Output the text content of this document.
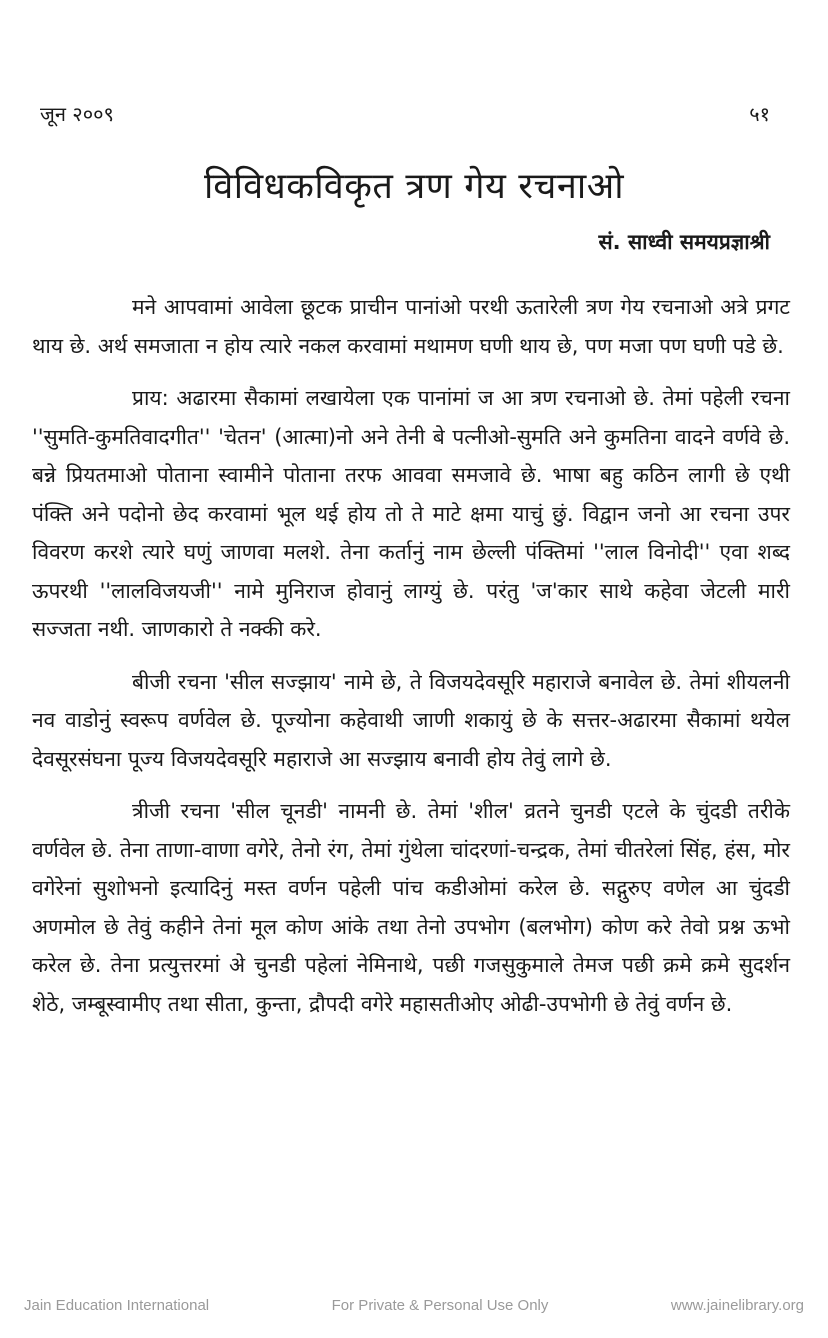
जून २००९	५१
विविधकविकृत त्रण गेय रचनाओ
सं. साध्वी समयप्रज्ञाश्री

मने आपवामां आवेला छूटक प्राचीन पानांओ परथी ऊतारेली त्रण गेय रचनाओ अत्रे प्रगट थाय छे. अर्थ समजाता न होय त्यारे नकल करवामां मथामण घणी थाय छे, पण मजा पण घणी पडे छे.

प्राय: अढारमा सैकामां लखायेला एक पानांमां ज आ त्रण रचनाओ छे. तेमां पहेली रचना ''सुमति-कुमतिवादगीत'' 'चेतन' (आत्मा)नो अने तेनी बे पत्नीओ-सुमति अने कुमतिना वादने वर्णवे छे. बन्ने प्रियतमाओ पोताना स्वामीने पोताना तरफ आववा समजावे छे. भाषा बहु कठिन लागी छे एथी पंक्ति अने पदोनो छेद करवामां भूल थई होय तो ते माटे क्षमा याचुं छुं. विद्वान जनो आ रचना उपर विवरण करशे त्यारे घणुं जाणवा मलशे. तेना कर्तानुं नाम छेल्ली पंक्तिमां ''लाल विनोदी'' एवा शब्द ऊपरथी ''लालविजयजी'' नामे मुनिराज होवानुं लाग्युं छे. परंतु 'ज'कार साथे कहेवा जेटली मारी सज्जता नथी. जाणकारो ते नक्की करे.

बीजी रचना 'सील सज्झाय' नामे छे, ते विजयदेवसूरि महाराजे बनावेल छे. तेमां शीयलनी नव वाडोनुं स्वरूप वर्णवेल छे. पूज्योना कहेवाथी जाणी शकायुं छे के सत्तर-अढारमा सैकामां थयेल देवसूरसंघना पूज्य विजयदेवसूरि महाराजे आ सज्झाय बनावी होय तेवुं लागे छे.

त्रीजी रचना 'सील चूनडी' नामनी छे. तेमां 'शील' व्रतने चुनडी एटले के चुंदडी तरीके वर्णवेल छे. तेना ताणा-वाणा वगेरे, तेनो रंग, तेमां गुंथेला चांदरणां-चन्द्रक, तेमां चीतरेलां सिंह, हंस, मोर वगेरेनां सुशोभनो इत्यादिनुं मस्त वर्णन पहेली पांच कडीओमां करेल छे. सद्गुरुए वणेल आ चुंदडी अणमोल छे तेवुं कहीने तेनां मूल कोण आंके तथा तेनो उपभोग (बलभोग) कोण करे तेवो प्रश्न ऊभो करेल छे. तेना प्रत्युत्तरमां अे चुनडी पहेलां नेमिनाथे, पछी गजसुकुमाले तेमज पछी क्रमे क्रमे सुदर्शन शेठे, जम्बूस्वामीए तथा सीता, कुन्ता, द्रौपदी वगेरे महासतीओए ओढी-उपभोगी छे तेवुं वर्णन छे.

Jain Education International	For Private & Personal Use Only	www.jainelibrary.org
